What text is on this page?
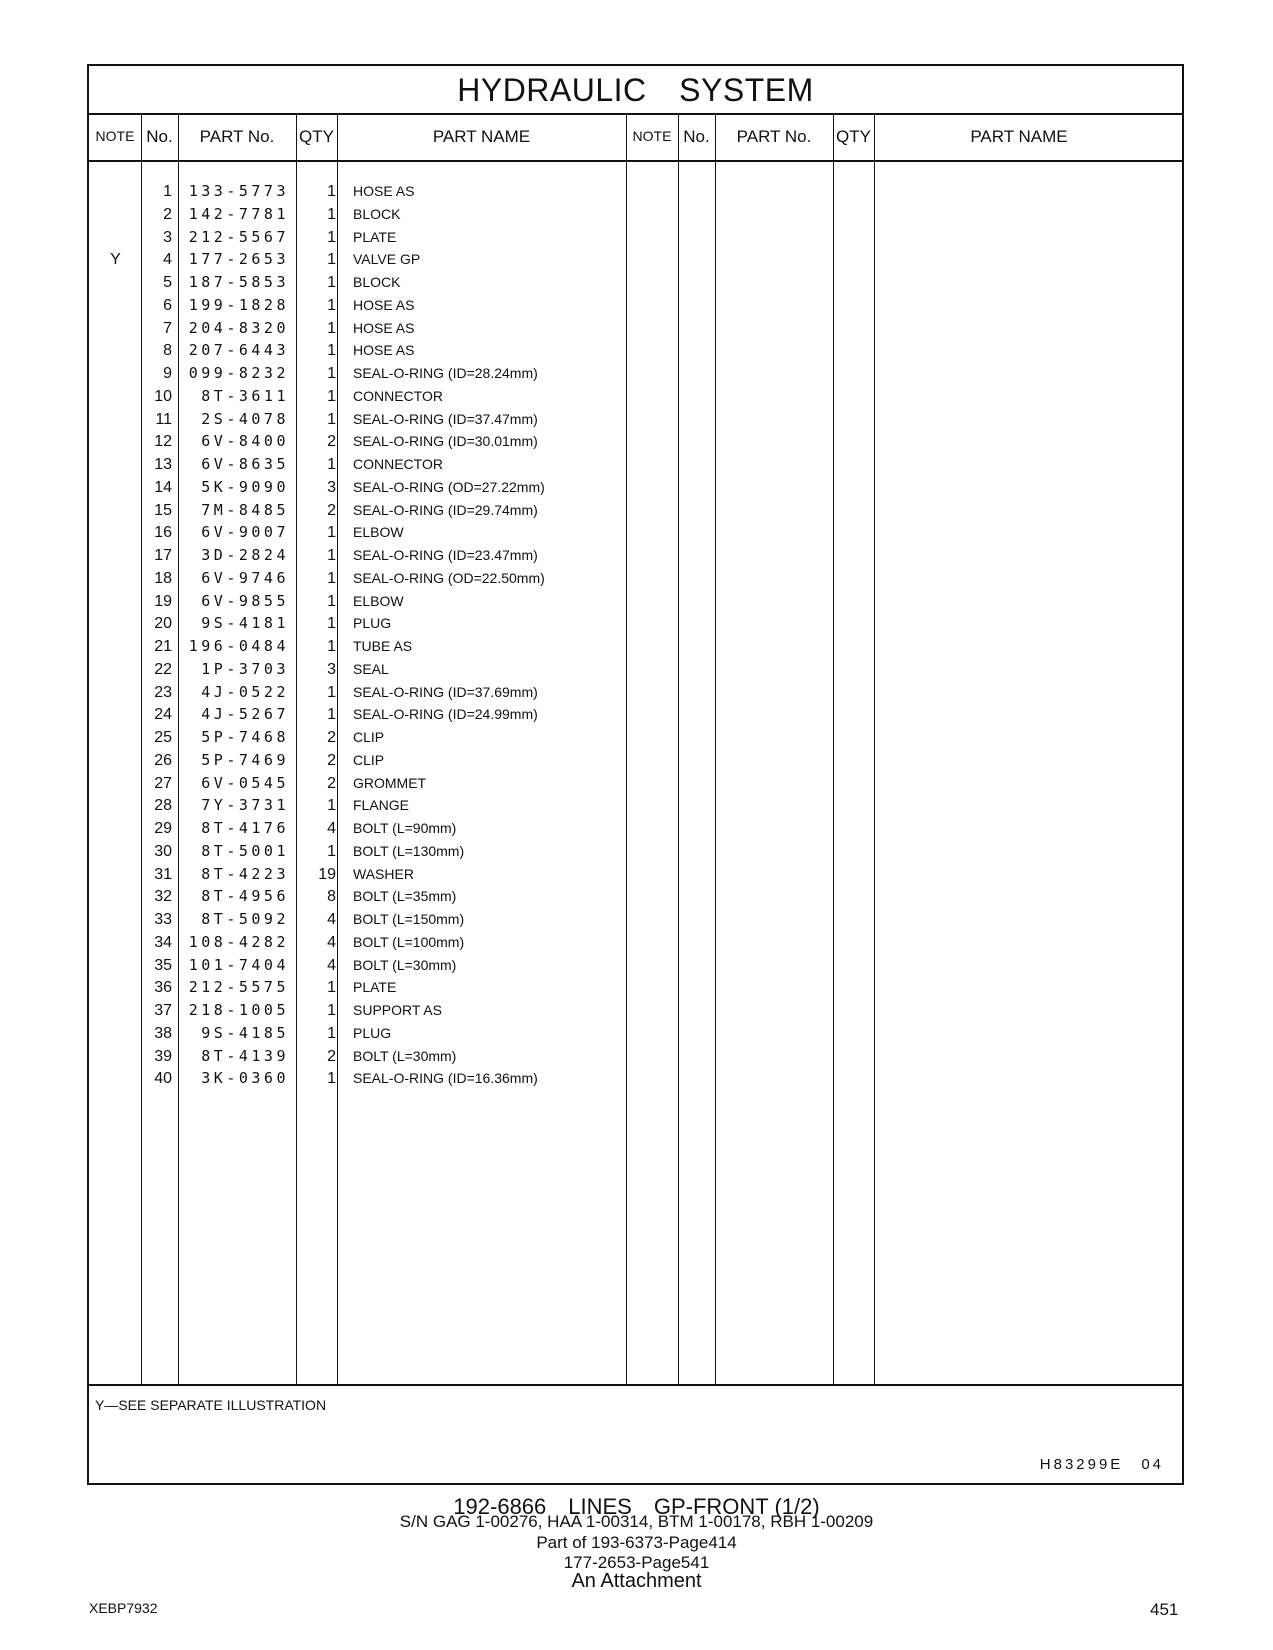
HYDRAULIC　SYSTEM
NOTE No.	PART No.	QTY	PART NAME	NOTE No.	PART No.	QTY	PART NAME
1	133-5773	1 HOSE AS
2	142-7781	1 BLOCK
3	212-5567	1 PLATE
Y	4	177-2653	1 VALVE GP
5	187-5853	1 BLOCK
6	199-1828	1 HOSE AS
7	204-8320	1 HOSE AS
8	207-6443	1 HOSE AS
9	099-8232	1 SEAL-O-RING (ID=28.24mm)
10	8T-3611	1 CONNECTOR
11	2S-4078	1 SEAL-O-RING (ID=37.47mm)
12	6V-8400	2 SEAL-O-RING (ID=30.01mm)
13	6V-8635	1 CONNECTOR
14	5K-9090	3 SEAL-O-RING (OD=27.22mm)
15	7M-8485	2 SEAL-O-RING (ID=29.74mm)
16	6V-9007	1 ELBOW
17	3D-2824	1 SEAL-O-RING (ID=23.47mm)
18	6V-9746	1 SEAL-O-RING (OD=22.50mm)
19	6V-9855	1 ELBOW
20	9S-4181	1 PLUG
21	196-0484	1 TUBE AS
22	1P-3703	3 SEAL
23	4J-0522	1 SEAL-O-RING (ID=37.69mm)
24	4J-5267	1 SEAL-O-RING (ID=24.99mm)
25	5P-7468	2 CLIP
26	5P-7469	2 CLIP
27	6V-0545	2 GROMMET
28	7Y-3731	1 FLANGE
29	8T-4176	4 BOLT (L=90mm)
30	8T-5001	1 BOLT (L=130mm)
31	8T-4223	19 WASHER
32	8T-4956	8 BOLT (L=35mm)
33	8T-5092	4 BOLT (L=150mm)
34	108-4282	4 BOLT (L=100mm)
35	101-7404	4 BOLT (L=30mm)
36	212-5575	1 PLATE
37	218-1005	1 SUPPORT AS
38	9S-4185	1 PLUG
39	8T-4139	2 BOLT (L=30mm)
40	3K-0360	1 SEAL-O-RING (ID=16.36mm)
Y—SEE SEPARATE ILLUSTRATION
H83299E　04
192-6866　LINES　GP-FRONT (1/2)
S/N GAG 1-00276, HAA 1-00314, BTM 1-00178, RBH 1-00209
Part of 193-6373-Page414
177-2653-Page541
An Attachment
XEBP7932	451
